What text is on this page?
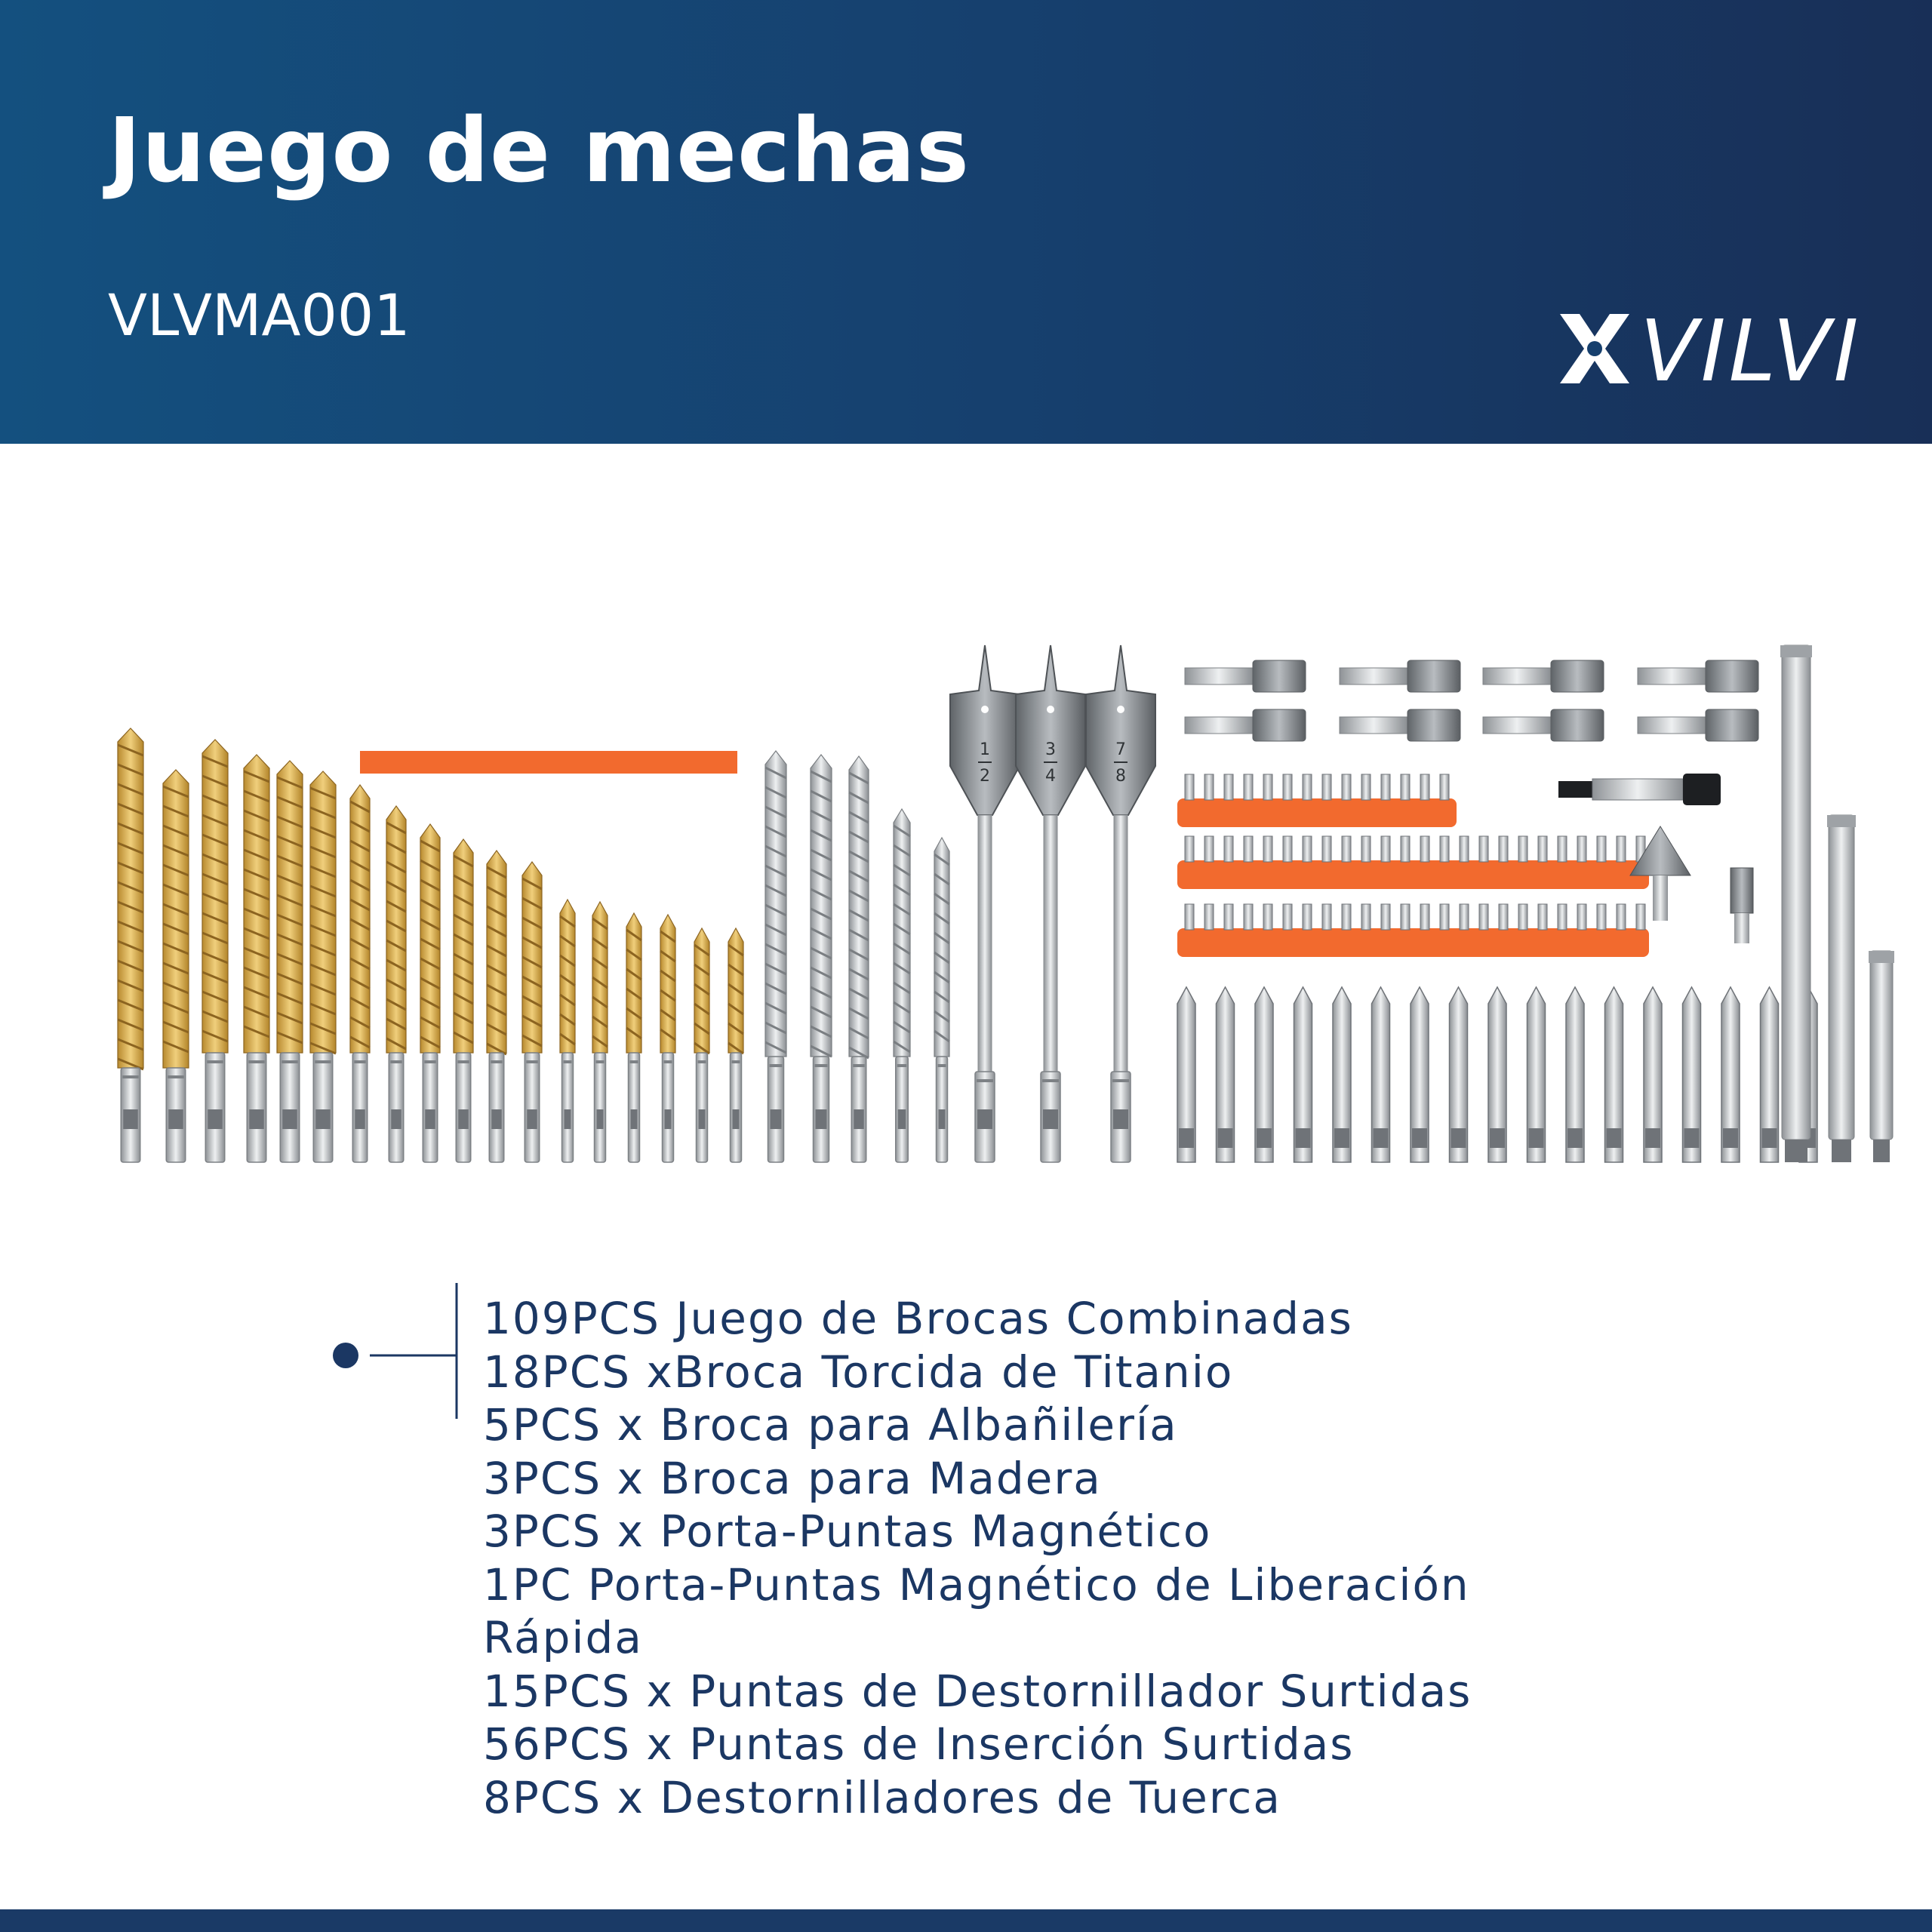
Juego de mechas
VLVMA001	VILVI
1
2
3
4
7
8
109PCS Juego de Brocas Combinadas
18PCS xBroca Torcida de Titanio
5PCS x Broca para Albañilería
3PCS x Broca para Madera
3PCS x Porta-Puntas Magnético
1PC Porta-Puntas Magnético de Liberación
Rápida
15PCS x Puntas de Destornillador Surtidas
56PCS x Puntas de Inserción Surtidas
8PCS x Destornilladores de Tuerca
